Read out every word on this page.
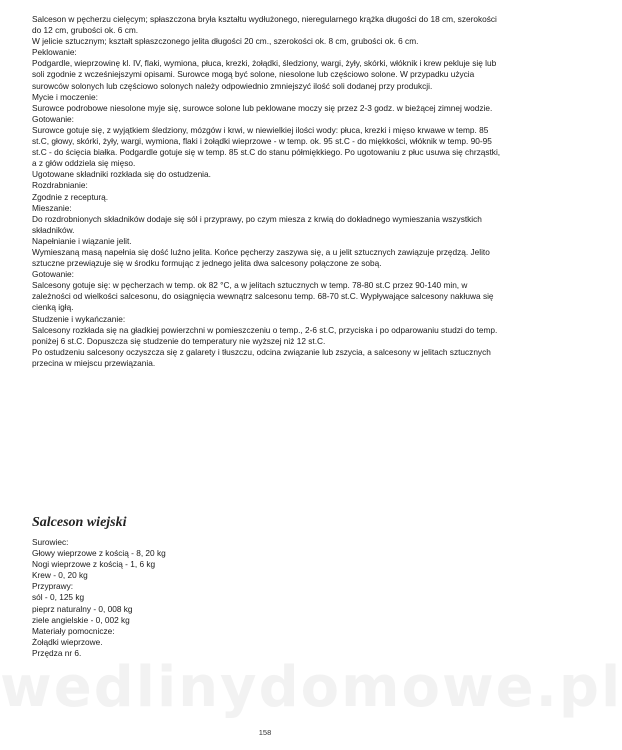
Salceson w pęcherzu cielęcym; spłaszczona bryła kształtu wydłużonego, nieregularnego krążka długości do 18 cm, szerokości do 12 cm, grubości ok. 6 cm.

W jelicie sztucznym; kształt spłaszczonego jelita długości 20 cm., szerokości ok. 8 cm, grubości ok. 6 cm.

Peklowanie:

Podgardle, wieprzowinę kl. IV, flaki, wymiona, płuca, krezki, żołądki, śledziony, wargi, żyły, skórki, włóknik i krew peklujе się lub soli zgodnie z wcześniejszymi opisami. Surowce mogą być solone, niesolone lub częściowo solone. W przypadku użycia surowców solonych lub częściowo solonych należy odpowiednio zmniejszyć ilość soli dodanej przy produkcji.

Mycie i moczenie:

Surowce podrobowe niesolone myje się, surowce solone lub peklowane moczy się przez 2-3 godz. w bieżącej zimnej wodzie.

Gotowanie:

Surowce gotuje się, z wyjątkiem śledziony, mózgów i krwi, w niewielkiej ilości wody: płuca, krezki i mięso krwawe w temp. 85 st.C, głowy, skórki, żyły, wargi, wymiona, flaki i żołądki wieprzowe - w temp. ok. 95 st.C - do miękkości, włóknik w temp. 90-95 st.C - do ścięcia białka. Podgardle gotuje się w temp. 85 st.C do stanu półmiękkiego. Po ugotowaniu z płuc usuwa się chrząstki, a z głów oddziela się mięso.

Ugotowane składniki rozkłada się do ostudzenia.

Rozdrabnianie:

Zgodnie z recepturą.

Mieszanie:

Do rozdrobnionych składników dodaje się sól i przyprawy, po czym miesza z krwią do dokładnego wymieszania wszystkich składników.

Napełnianie i wiązanie jelit.

Wymieszaną masą napełnia się dość luźno jelita. Końce pęcherzy zaszywa się, a u jelit sztucznych zawiązuje przędzą. Jelito sztuczne przewiązuje się w środku formując z jednego jelita dwa salcesony połączone ze sobą.

Gotowanie:

Salcesony gotuje się: w pęcherzach w temp. ok 82 °C, a w jelitach sztucznych w temp. 78-80 st.C przez 90-140 min, w zależności od wielkości salcesonu, do osiągnięcia wewnątrz salcesonu temp. 68-70 st.C. Wypływające salcesony nakłuwa się cienką igłą.

Studzenie i wykańczanie:

Salcesony rozkłada się na gładkiej powierzchni w pomieszczeniu o temp., 2-6 st.C, przyciska i po odparowaniu studzi do temp. poniżej 6 st.C. Dopuszcza się studzenie do temperatury nie wyższej niż 12 st.C.

Po ostudzeniu salcesony oczyszcza się z galarety i tłuszczu, odcina związanie lub zszycia, a salcesony w jelitach sztucznych przecina w miejscu przewiązania.

Salceson wiejski

Surowiec:

Głowy wieprzowe z kością - 8, 20 kg

Nogi wieprzowe z kością - 1, 6 kg

Krew - 0, 20 kg

Przyprawy:

sól - 0, 125 kg

pieprz naturalny - 0, 008 kg

ziele angielskie - 0, 002 kg

Materiały pomocnicze:

Żołądki wieprzowe.

Przędza nr 6.

wedlinydomowe.pl
158
